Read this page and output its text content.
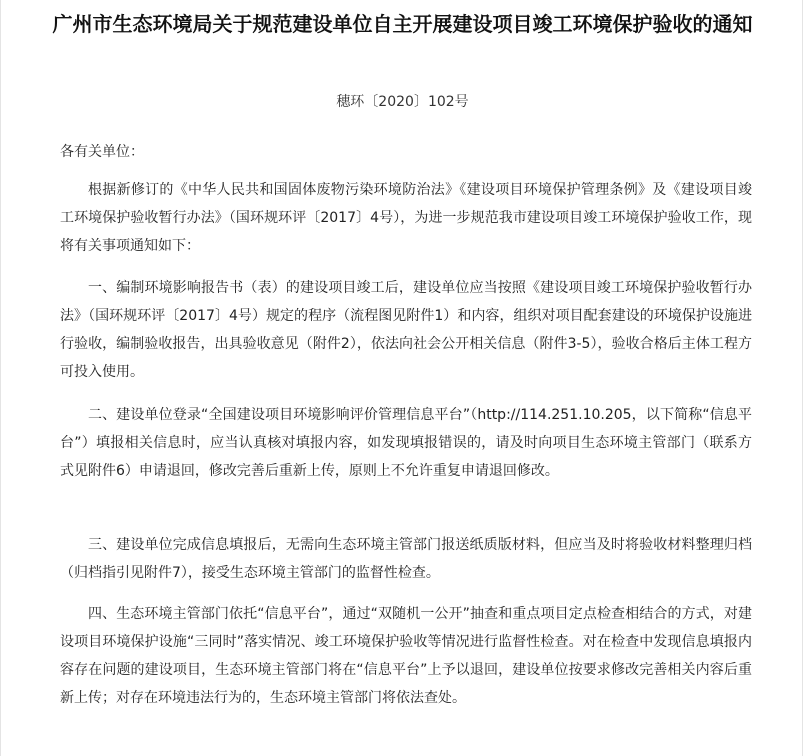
广州市生态环境局关于规范建设单位自主开展建设项目竣工环境保护验收的通知
穗环〔2020〕102号

各有关单位：

根据新修订的《中华人民共和国固体废物污染环境防治法》《建设项目环境保护管理条例》及《建设项目竣工环境保护验收暂行办法》（国环规环评〔2017〕4号），为进一步规范我市建设项目竣工环境保护验收工作，现将有关事项通知如下：

一、编制环境影响报告书（表）的建设项目竣工后，建设单位应当按照《建设项目竣工环境保护验收暂行办法》（国环规环评〔2017〕4号）规定的程序（流程图见附件1）和内容，组织对项目配套建设的环境保护设施进行验收，编制验收报告，出具验收意见（附件2），依法向社会公开相关信息（附件3-5），验收合格后主体工程方可投入使用。

二、建设单位登录“全国建设项目环境影响评价管理信息平台”（http://114.251.10.205，以下简称“信息平台”）填报相关信息时，应当认真核对填报内容，如发现填报错误的，请及时向项目生态环境主管部门（联系方式见附件6）申请退回，修改完善后重新上传，原则上不允许重复申请退回修改。

三、建设单位完成信息填报后，无需向生态环境主管部门报送纸质版材料，但应当及时将验收材料整理归档（归档指引见附件7），接受生态环境主管部门的监督性检查。

四、生态环境主管部门依托“信息平台”，通过“双随机一公开”抽查和重点项目定点检查相结合的方式，对建设项目环境保护设施“三同时”落实情况、竣工环境保护验收等情况进行监督性检查。对在检查中发现信息填报内容存在问题的建设项目，生态环境主管部门将在“信息平台”上予以退回，建设单位按要求修改完善相关内容后重新上传；对存在环境违法行为的，生态环境主管部门将依法查处。
